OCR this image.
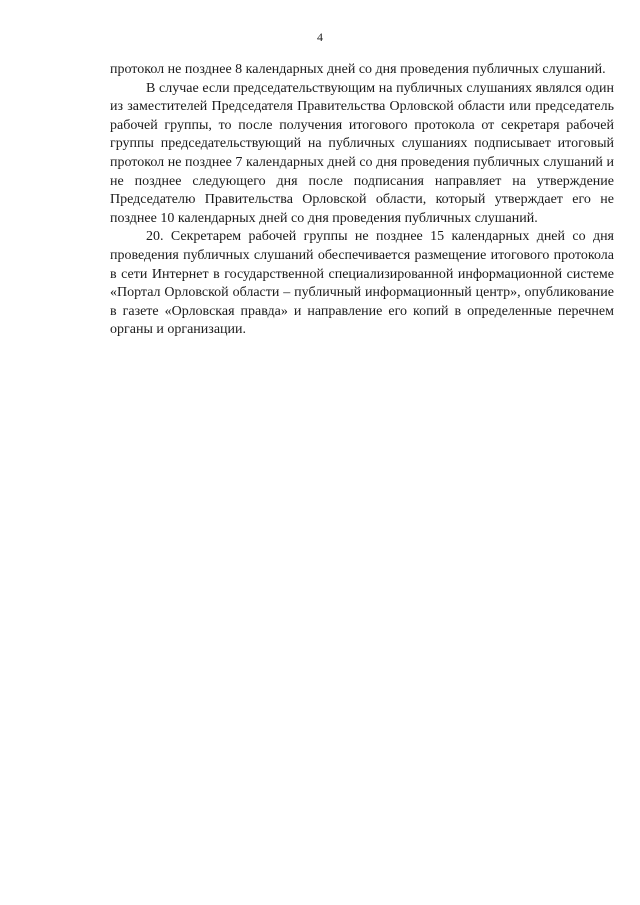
4

протокол не позднее 8 календарных дней со дня проведения публичных слушаний.

В случае если председательствующим на публичных слушаниях являлся один из заместителей Председателя Правительства Орловской области или председатель рабочей группы, то после получения итогового протокола от секретаря рабочей группы председательствующий на публичных слушаниях подписывает итоговый протокол не позднее 7 календарных дней со дня проведения публичных слушаний и не позднее следующего дня после подписания направляет на утверждение Председателю Правительства Орловской области, который утверждает его не позднее 10 календарных дней со дня проведения публичных слушаний.

20. Секретарем рабочей группы не позднее 15 календарных дней со дня проведения публичных слушаний обеспечивается размещение итогового протокола в сети Интернет в государственной специализированной информационной системе «Портал Орловской области – публичный информационный центр», опубликование в газете «Орловская правда» и направление его копий в определенные перечнем органы и организации.
